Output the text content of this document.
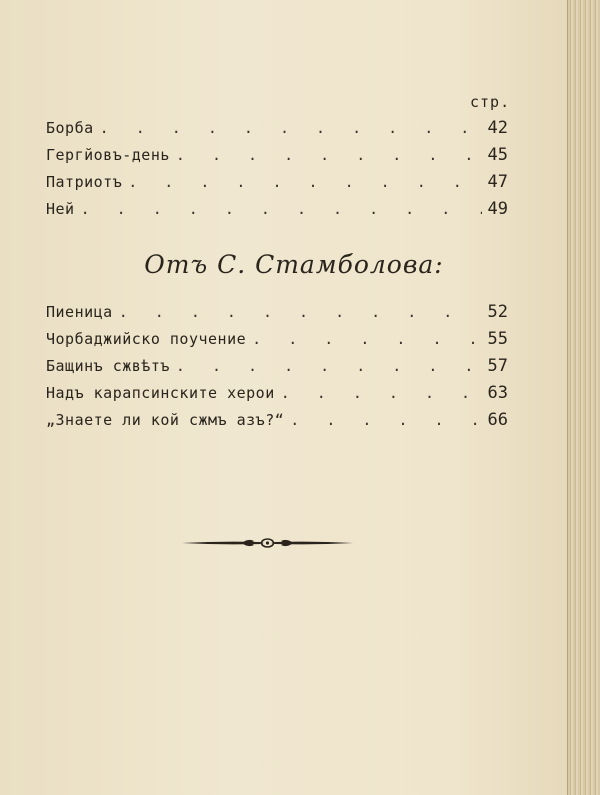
стр.
Борба . . .	42
Гергйовъ-день . . .	45
Патриотъ . . .	47
Ней . . .	49
Отъ С. Стамболова:
Пиеница . . .	52
Чорбаджийско поучение . . .	55
Бащинъ сжвѣтъ . . .	57
Надъ карапсинските херои . . .	63
„Знаете ли кой сжмъ азъ?“ . . .	66
